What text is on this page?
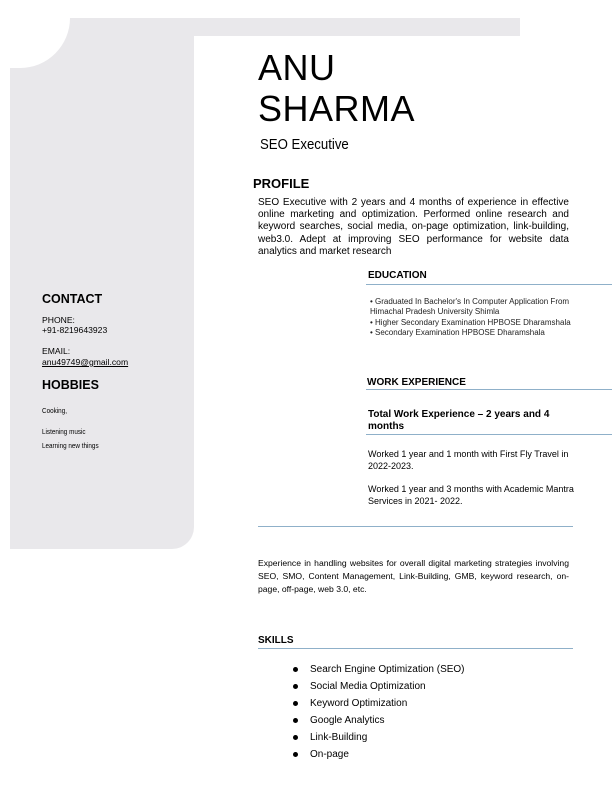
ANU
SHARMA
SEO Executive
PROFILE

SEO Executive with 2 years and 4 months of experience in effective online marketing and optimization. Performed online research and keyword searches, social media, on-page optimization, link-building, web3.0. Adept at improving SEO performance for website data analytics and market research

EDUCATION
• Graduated In Bachelor's In Computer Application From Himachal Pradesh University Shimla
• Higher Secondary Examination HPBOSE Dharamshala
• Secondary Examination HPBOSE Dharamshala
WORK EXPERIENCE

Total Work Experience – 2 years and 4 months

Worked 1 year and 1 month with First Fly Travel in 2022-2023.

Worked 1 year and 3 months with Academic Mantra Services in 2021- 2022.

Experience in handling websites for overall digital marketing strategies involving SEO, SMO, Content Management, Link-Building, GMB, keyword research, on-page, off-page, web 3.0, etc.

SKILLS
Search Engine Optimization (SEO)
Social Media Optimization
Keyword Optimization
Google Analytics
Link-Building
On-page
CONTACT

PHONE:

+91-8219643923

EMAIL:

anu49749@gmail.com

HOBBIES

Cooking,

Listening music

Learning new things
